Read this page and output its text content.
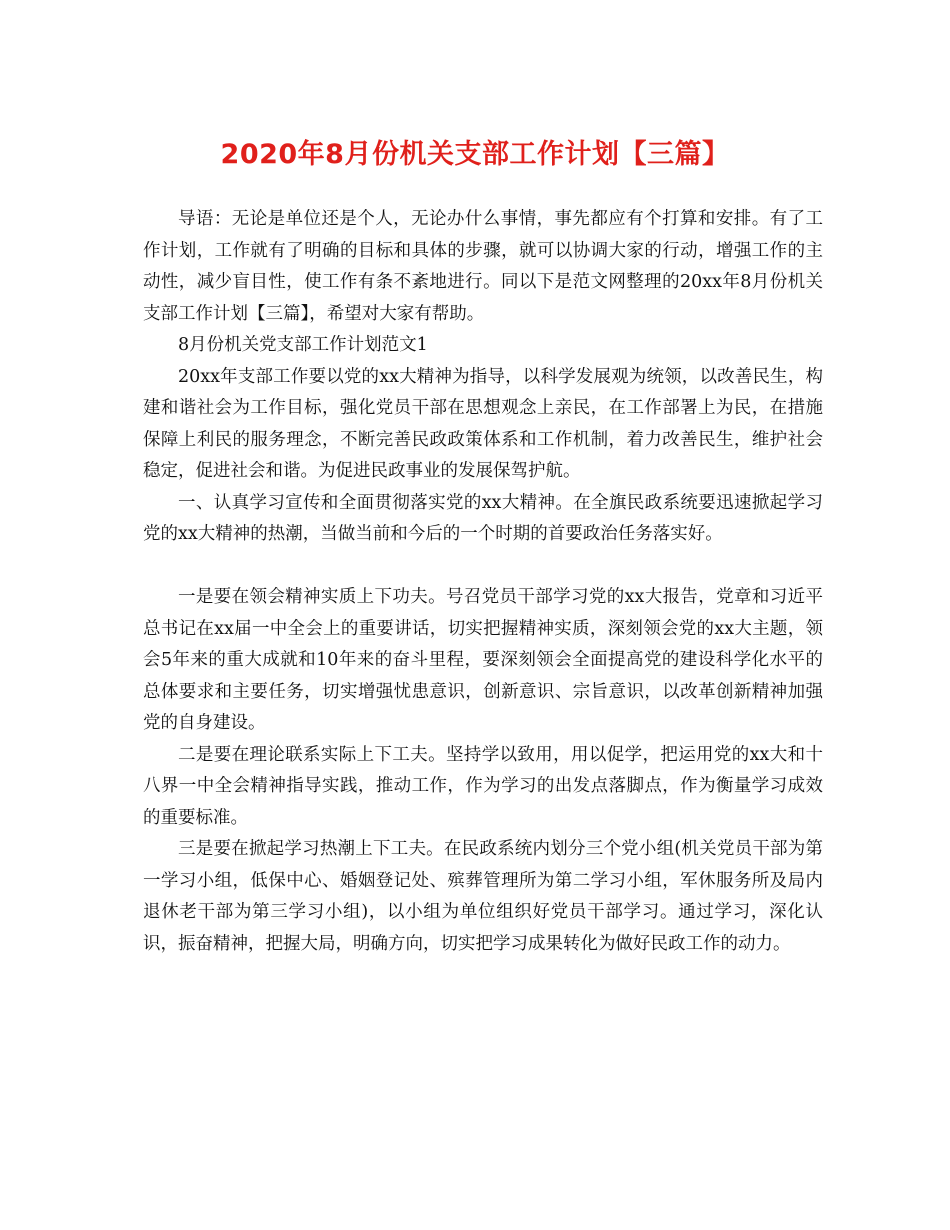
2020年8月份机关支部工作计划【三篇】

导语：无论是单位还是个人，无论办什么事情，事先都应有个打算和安排。有了工作计划，工作就有了明确的目标和具体的步骤，就可以协调大家的行动，增强工作的主动性，减少盲目性，使工作有条不紊地进行。同以下是范文网整理的20xx年8月份机关支部工作计划【三篇】，希望对大家有帮助。

8月份机关党支部工作计划范文1

20xx年支部工作要以党的xx大精神为指导，以科学发展观为统领，以改善民生，构建和谐社会为工作目标，强化党员干部在思想观念上亲民，在工作部署上为民，在措施保障上利民的服务理念，不断完善民政政策体系和工作机制，着力改善民生，维护社会稳定，促进社会和谐。为促进民政事业的发展保驾护航。

一、认真学习宣传和全面贯彻落实党的xx大精神。在全旗民政系统要迅速掀起学习党的xx大精神的热潮，当做当前和今后的一个时期的首要政治任务落实好。

一是要在领会精神实质上下功夫。号召党员干部学习党的xx大报告，党章和习近平总书记在xx届一中全会上的重要讲话，切实把握精神实质，深刻领会党的xx大主题，领会5年来的重大成就和10年来的奋斗里程，要深刻领会全面提高党的建设科学化水平的总体要求和主要任务，切实增强忧患意识，创新意识、宗旨意识，以改革创新精神加强党的自身建设。

二是要在理论联系实际上下工夫。坚持学以致用，用以促学，把运用党的xx大和十八界一中全会精神指导实践，推动工作，作为学习的出发点落脚点，作为衡量学习成效的重要标准。

三是要在掀起学习热潮上下工夫。在民政系统内划分三个党小组(机关党员干部为第一学习小组，低保中心、婚姻登记处、殡葬管理所为第二学习小组，军休服务所及局内退休老干部为第三学习小组)，以小组为单位组织好党员干部学习。通过学习，深化认识，振奋精神，把握大局，明确方向，切实把学习成果转化为做好民政工作的动力。
